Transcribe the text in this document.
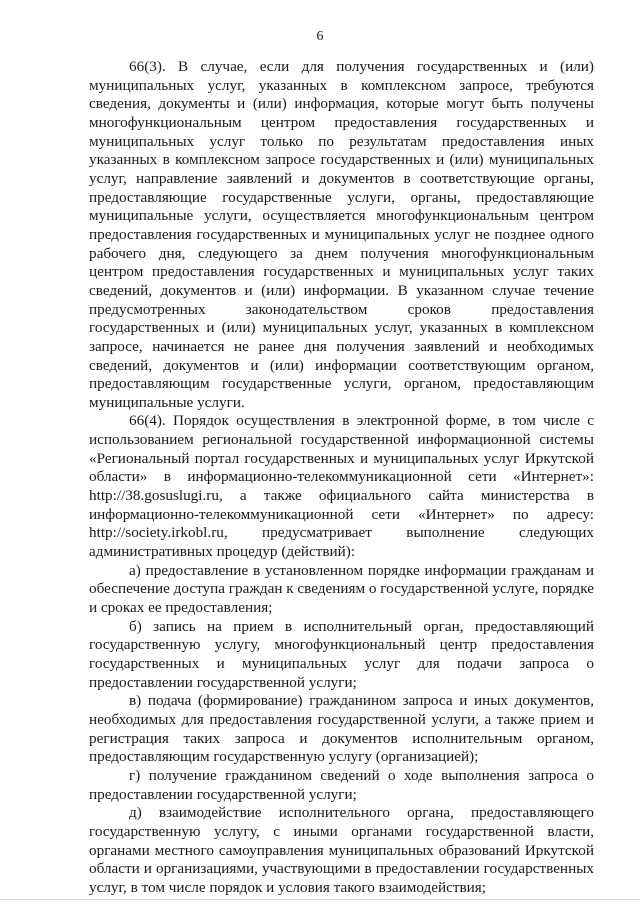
6

66(3). В случае, если для получения государственных и (или) муниципальных услуг, указанных в комплексном запросе, требуются сведения, документы и (или) информация, которые могут быть получены многофункциональным центром предоставления государственных и муниципальных услуг только по результатам предоставления иных указанных в комплексном запросе государственных и (или) муниципальных услуг, направление заявлений и документов в соответствующие органы, предоставляющие государственные услуги, органы, предоставляющие муниципальные услуги, осуществляется многофункциональным центром предоставления государственных и муниципальных услуг не позднее одного рабочего дня, следующего за днем получения многофункциональным центром предоставления государственных и муниципальных услуг таких сведений, документов и (или) информации. В указанном случае течение предусмотренных законодательством сроков предоставления государственных и (или) муниципальных услуг, указанных в комплексном запросе, начинается не ранее дня получения заявлений и необходимых сведений, документов и (или) информации соответствующим органом, предоставляющим государственные услуги, органом, предоставляющим муниципальные услуги.

66(4). Порядок осуществления в электронной форме, в том числе с использованием региональной государственной информационной системы «Региональный портал государственных и муниципальных услуг Иркутской области» в информационно-телекоммуникационной сети «Интернет»: http://38.gosuslugi.ru, а также официального сайта министерства в информационно-телекоммуникационной сети «Интернет» по адресу: http://society.irkobl.ru, предусматривает выполнение следующих административных процедур (действий):

а) предоставление в установленном порядке информации гражданам и обеспечение доступа граждан к сведениям о государственной услуге, порядке и сроках ее предоставления;

б) запись на прием в исполнительный орган, предоставляющий государственную услугу, многофункциональный центр предоставления государственных и муниципальных услуг для подачи запроса о предоставлении государственной услуги;

в) подача (формирование) гражданином запроса и иных документов, необходимых для предоставления государственной услуги, а также прием и регистрация таких запроса и документов исполнительным органом, предоставляющим государственную услугу (организацией);

г) получение гражданином сведений о ходе выполнения запроса о предоставлении государственной услуги;

д) взаимодействие исполнительного органа, предоставляющего государственную услугу, с иными органами государственной власти, органами местного самоуправления муниципальных образований Иркутской области и организациями, участвующими в предоставлении государственных услуг, в том числе порядок и условия такого взаимодействия;
